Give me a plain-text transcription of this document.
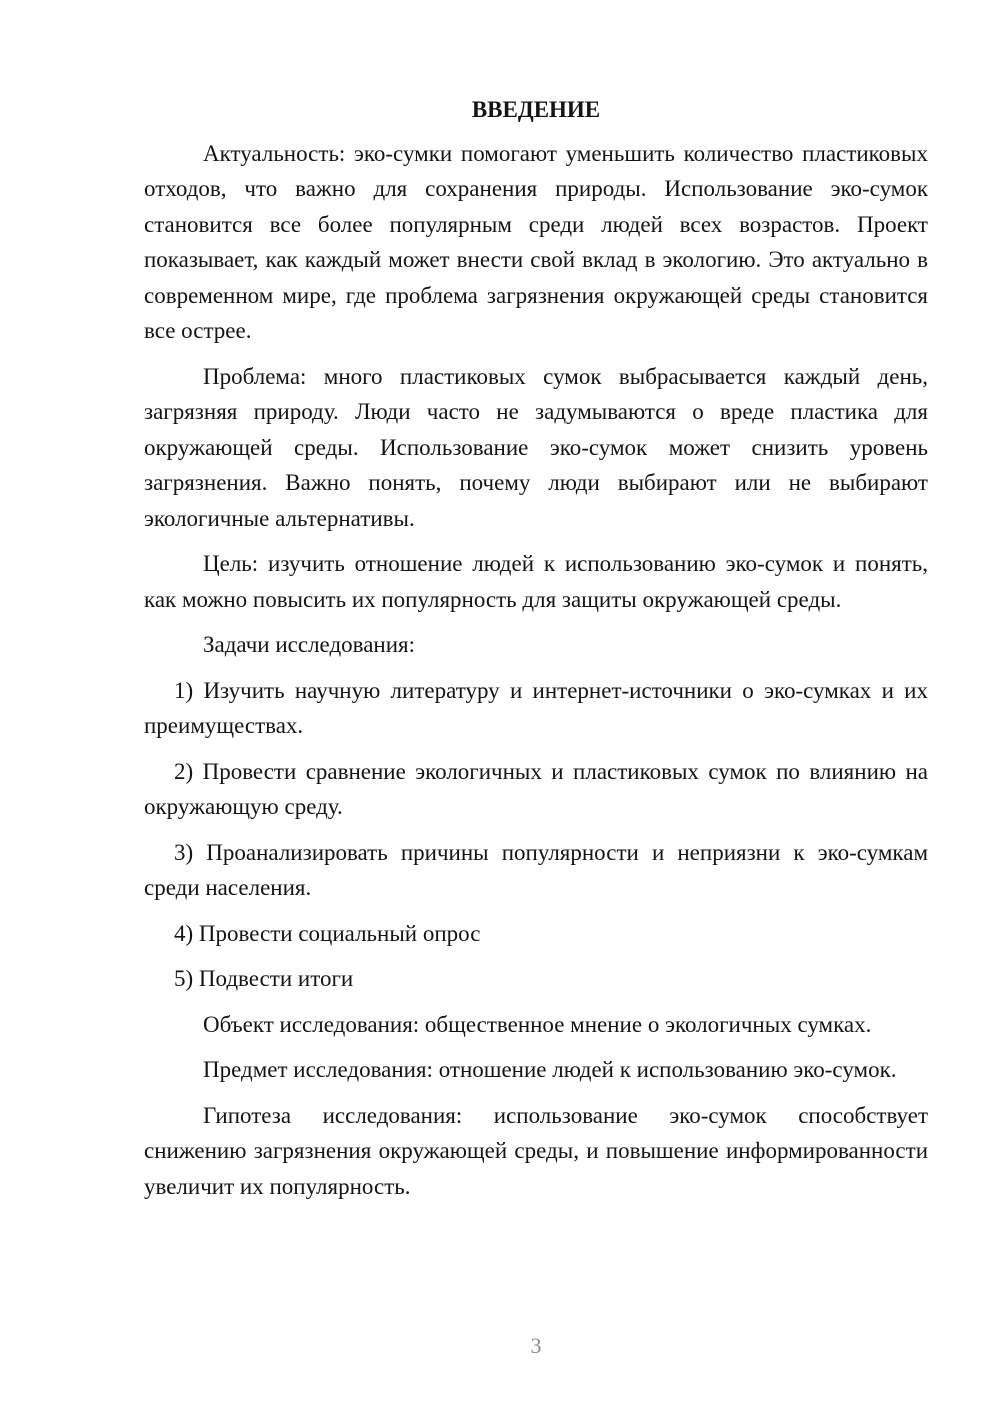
ВВЕДЕНИЕ

Актуальность: эко-сумки помогают уменьшить количество пластиковых отходов, что важно для сохранения природы. Использование эко-сумок становится все более популярным среди людей всех возрастов. Проект показывает, как каждый может внести свой вклад в экологию. Это актуально в современном мире, где проблема загрязнения окружающей среды становится все острее.

Проблема: много пластиковых сумок выбрасывается каждый день, загрязняя природу. Люди часто не задумываются о вреде пластика для окружающей среды. Использование эко-сумок может снизить уровень загрязнения. Важно понять, почему люди выбирают или не выбирают экологичные альтернативы.

Цель: изучить отношение людей к использованию эко-сумок и понять, как можно повысить их популярность для защиты окружающей среды.

Задачи исследования:

1) Изучить научную литературу и интернет-источники о эко-сумках и их преимуществах.

2) Провести сравнение экологичных и пластиковых сумок по влиянию на окружающую среду.

3) Проанализировать причины популярности и неприязни к эко-сумкам среди населения.

4) Провести социальный опрос

5) Подвести итоги

Объект исследования: общественное мнение о экологичных сумках.

Предмет исследования: отношение людей к использованию эко-сумок.

Гипотеза исследования: использование эко-сумок способствует снижению загрязнения окружающей среды, и повышение информированности увеличит их популярность.

3
